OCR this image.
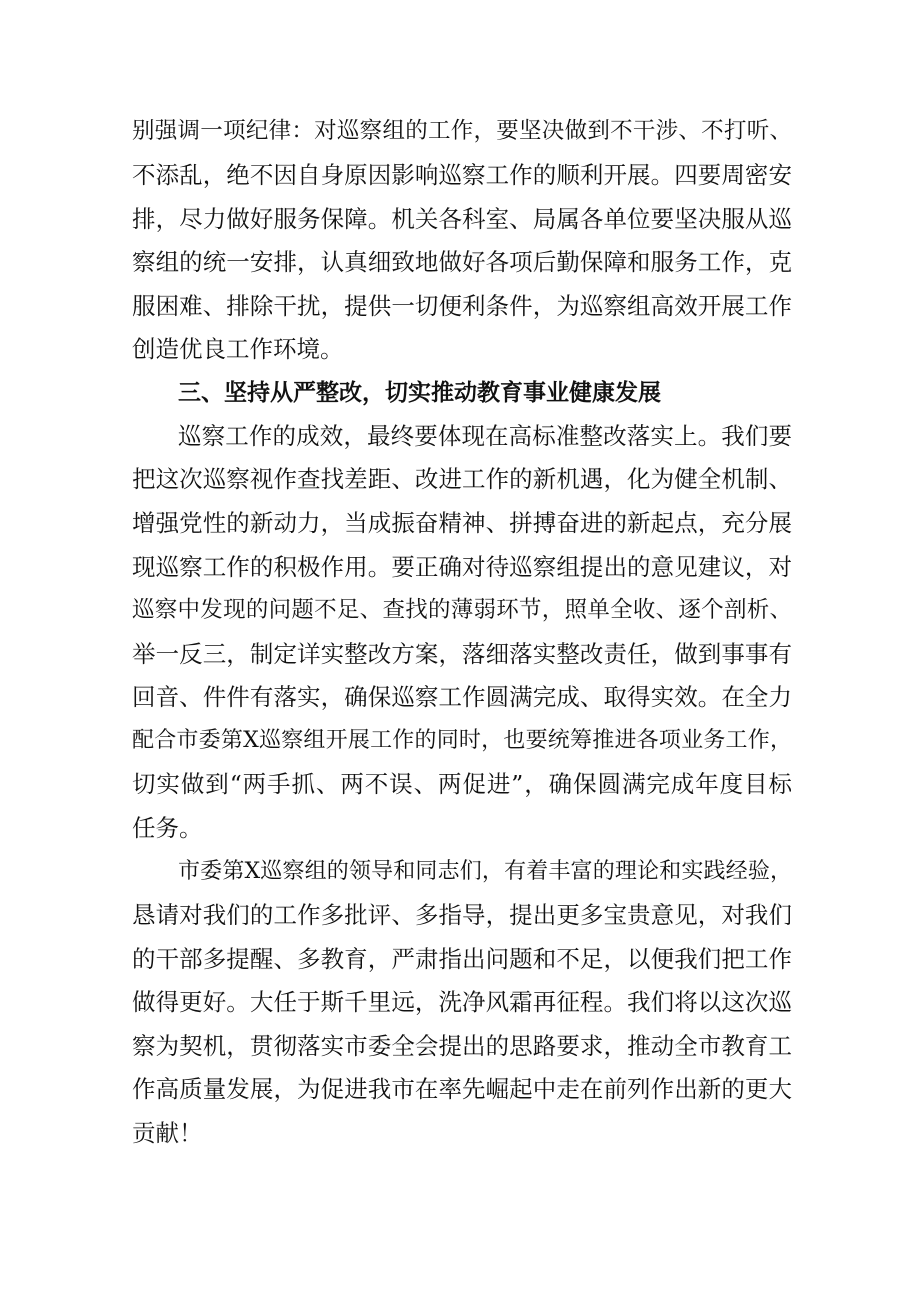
别强调一项纪律：对巡察组的工作，要坚决做到不干涉、不打听、

不添乱，绝不因自身原因影响巡察工作的顺利开展。四要周密安

排，尽力做好服务保障。机关各科室、局属各单位要坚决服从巡

察组的统一安排，认真细致地做好各项后勤保障和服务工作，克

服困难、排除干扰，提供一切便利条件，为巡察组高效开展工作

创造优良工作环境。

三、坚持从严整改，切实推动教育事业健康发展

巡察工作的成效，最终要体现在高标准整改落实上。我们要

把这次巡察视作查找差距、改进工作的新机遇，化为健全机制、

增强党性的新动力，当成振奋精神、拼搏奋进的新起点，充分展

现巡察工作的积极作用。要正确对待巡察组提出的意见建议，对

巡察中发现的问题不足、查找的薄弱环节，照单全收、逐个剖析、

举一反三，制定详实整改方案，落细落实整改责任，做到事事有

回音、件件有落实，确保巡察工作圆满完成、取得实效。在全力

配合市委第X巡察组开展工作的同时，也要统筹推进各项业务工作，

切实做到“两手抓、两不误、两促进”，确保圆满完成年度目标

任务。

市委第X巡察组的领导和同志们，有着丰富的理论和实践经验，

恳请对我们的工作多批评、多指导，提出更多宝贵意见，对我们

的干部多提醒、多教育，严肃指出问题和不足，以便我们把工作

做得更好。大任于斯千里远，洗净风霜再征程。我们将以这次巡

察为契机，贯彻落实市委全会提出的思路要求，推动全市教育工

作高质量发展，为促进我市在率先崛起中走在前列作出新的更大

贡献！
